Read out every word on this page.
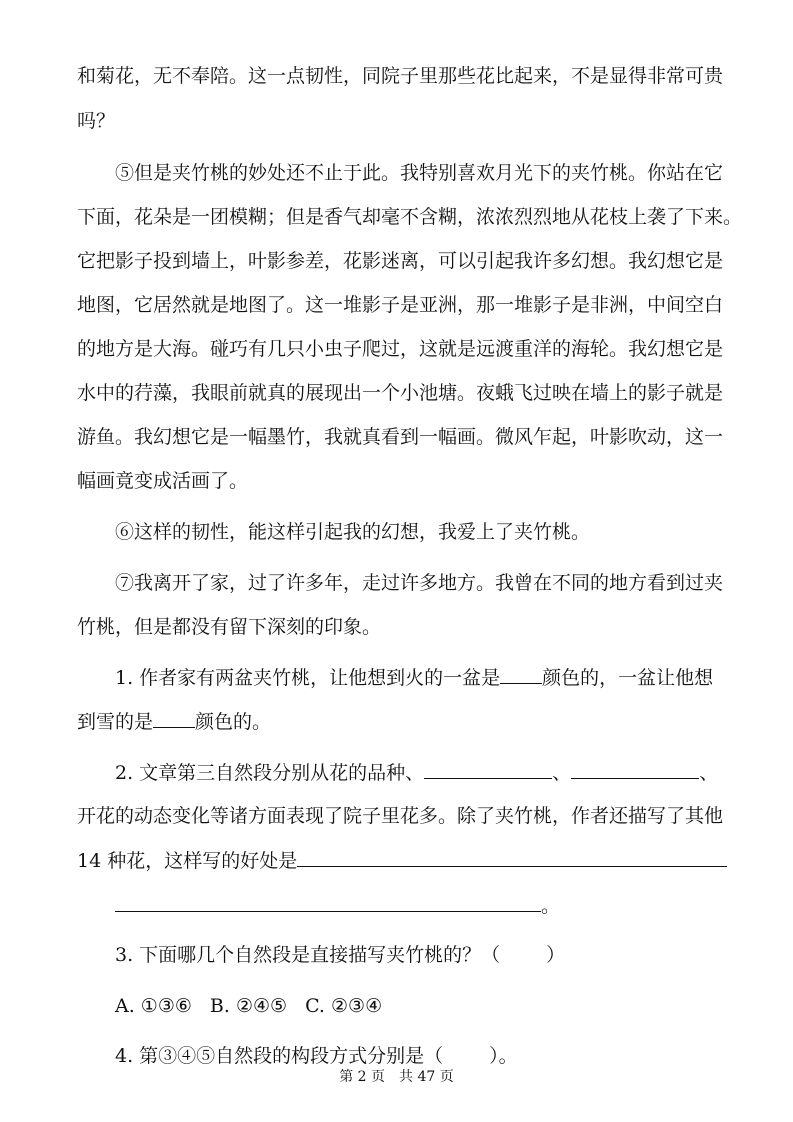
和菊花，无不奉陪。这一点韧性，同院子里那些花比起来，不是显得非常可贵
吗？
⑤但是夹竹桃的妙处还不止于此。我特别喜欢月光下的夹竹桃。你站在它
下面，花朵是一团模糊；但是香气却毫不含糊，浓浓烈烈地从花枝上袭了下来。
它把影子投到墙上，叶影参差，花影迷离，可以引起我许多幻想。我幻想它是
地图，它居然就是地图了。这一堆影子是亚洲，那一堆影子是非洲，中间空白
的地方是大海。碰巧有几只小虫子爬过，这就是远渡重洋的海轮。我幻想它是
水中的荇藻，我眼前就真的展现出一个小池塘。夜蛾飞过映在墙上的影子就是
游鱼。我幻想它是一幅墨竹，我就真看到一幅画。微风乍起，叶影吹动，这一
幅画竟变成活画了。
⑥这样的韧性，能这样引起我的幻想，我爱上了夹竹桃。
⑦我离开了家，过了许多年，走过许多地方。我曾在不同的地方看到过夹
竹桃，但是都没有留下深刻的印象。
1. 作者家有两盆夹竹桃，让他想到火的一盆是 颜色的，一盆让他想
到雪的是 颜色的。
2. 文章第三自然段分别从花的品种、	、	、
开花的动态变化等诸方面表现了院子里花多。除了夹竹桃，作者还描写了其他
14 种花，这样写的好处是
。
3. 下面哪几个自然段是直接描写夹竹桃的？（ ）
A. ①③⑥ B. ②④⑤ C. ②③④
4. 第③④⑤自然段的构段方式分别是（ ）。
第 2 页　共 47 页
